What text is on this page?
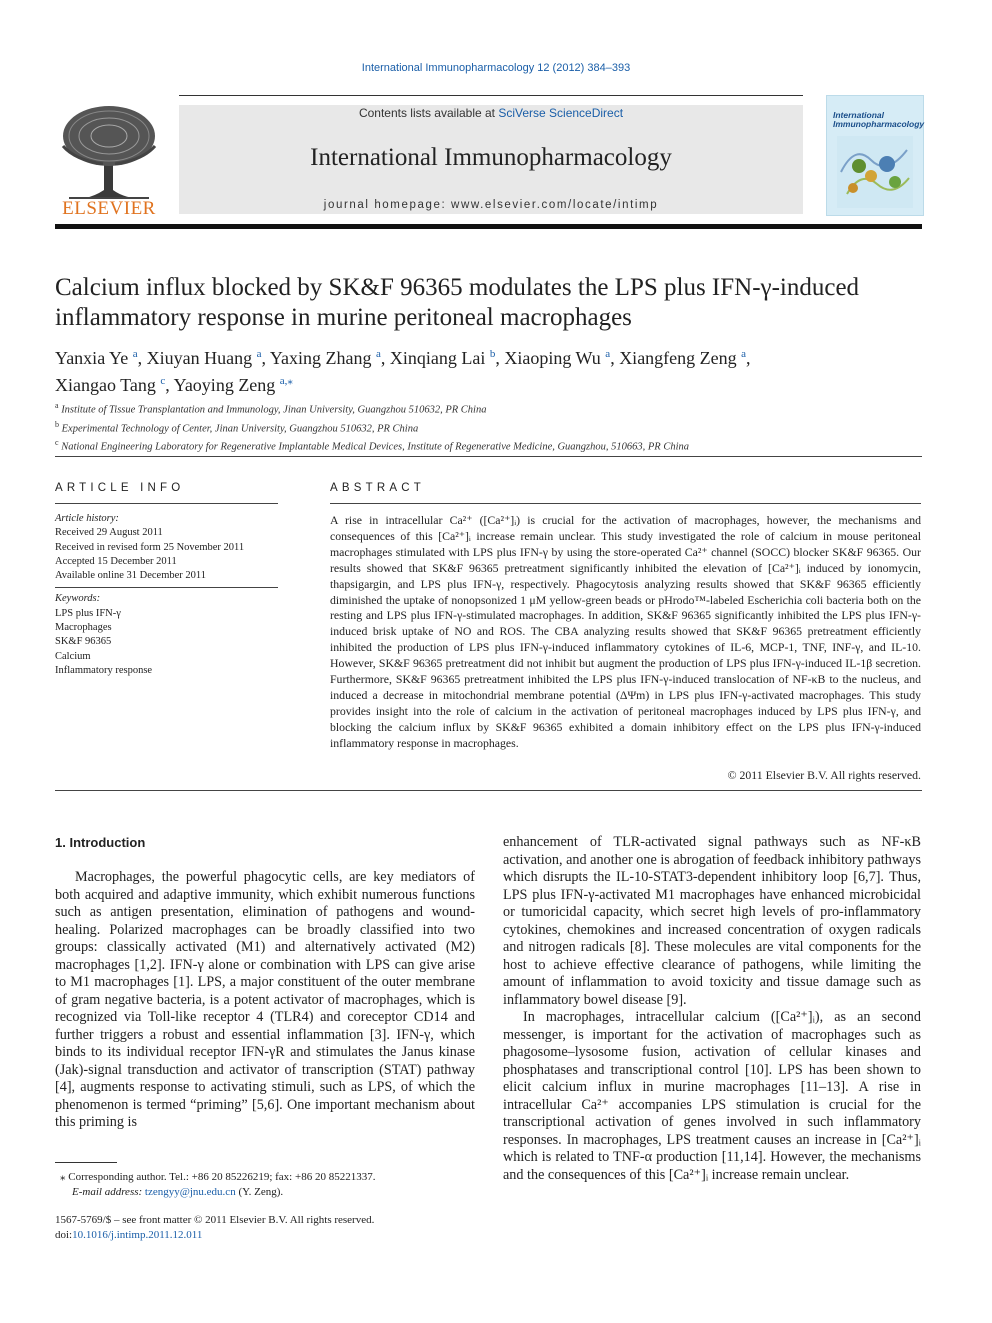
International Immunopharmacology 12 (2012) 384–393
ELSEVIER
Contents lists available at SciVerse ScienceDirect
International Immunopharmacology
journal homepage: www.elsevier.com/locate/intimp
International
Immunopharmacology
Calcium influx blocked by SK&F 96365 modulates the LPS plus IFN-γ-induced
inflammatory response in murine peritoneal macrophages
Yanxia Ye $^a$, Xiuyan Huang $^a$, Yaxing Zhang $^a$, Xinqiang Lai $^b$, Xiaoping Wu $^a$, Xiangfeng Zeng $^a$,
Xiangao Tang $^c$, Yaoying Zeng $^{a,⁎}$
$^a$ Institute of Tissue Transplantation and Immunology, Jinan University, Guangzhou 510632, PR China
$^b$ Experimental Technology of Center, Jinan University, Guangzhou 510632, PR China
$^c$ National Engineering Laboratory for Regenerative Implantable Medical Devices, Institute of Regenerative Medicine, Guangzhou, 510663, PR China
ARTICLE INFO	ABSTRACT
Article history:
Received 29 August 2011
Received in revised form 25 November 2011
Accepted 15 December 2011
Available online 31 December 2011
Keywords:
LPS plus IFN-γ
Macrophages
SK&F 96365
Calcium
Inflammatory response
A rise in intracellular Ca²⁺ ([Ca²⁺]ᵢ) is crucial for the activation of macrophages, however, the mechanisms and consequences of this [Ca²⁺]ᵢ increase remain unclear. This study investigated the role of calcium in mouse peritoneal macrophages stimulated with LPS plus IFN-γ by using the store-operated Ca²⁺ channel (SOCC) blocker SK&F 96365. Our results showed that SK&F 96365 pretreatment significantly inhibited the elevation of [Ca²⁺]ᵢ induced by ionomycin, thapsigargin, and LPS plus IFN-γ, respectively. Phagocytosis analyzing results showed that SK&F 96365 efficiently diminished the uptake of nonopsonized 1 μM yellow-green beads or pHrodo™-labeled Escherichia coli bacteria both on the resting and LPS plus IFN-γ-stimulated macrophages. In addition, SK&F 96365 significantly inhibited the LPS plus IFN-γ-induced brisk uptake of NO and ROS. The CBA analyzing results showed that SK&F 96365 pretreatment efficiently inhibited the production of LPS plus IFN-γ-induced inflammatory cytokines of IL-6, MCP-1, TNF, INF-γ, and IL-10. However, SK&F 96365 pretreatment did not inhibit but augment the production of LPS plus IFN-γ-induced IL-1β secretion. Furthermore, SK&F 96365 pretreatment inhibited the LPS plus IFN-γ-induced translocation of NF-κB to the nucleus, and induced a decrease in mitochondrial membrane potential (ΔΨm) in LPS plus IFN-γ-activated macrophages. This study provides insight into the role of calcium in the activation of peritoneal macrophages induced by LPS plus IFN-γ, and blocking the calcium influx by SK&F 96365 exhibited a domain inhibitory effect on the LPS plus IFN-γ-induced inflammatory response in macrophages.
© 2011 Elsevier B.V. All rights reserved.
1. Introduction

Macrophages, the powerful phagocytic cells, are key mediators of both acquired and adaptive immunity, which exhibit numerous functions such as antigen presentation, elimination of pathogens and wound-healing. Polarized macrophages can be broadly classified into two groups: classically activated (M1) and alternatively activated (M2) macrophages [1,2]. IFN-γ alone or combination with LPS can give arise to M1 macrophages [1]. LPS, a major constituent of the outer membrane of gram negative bacteria, is a potent activator of macrophages, which is recognized via Toll-like receptor 4 (TLR4) and coreceptor CD14 and further triggers a robust and essential inflammation [3]. IFN-γ, which binds to its individual receptor IFN-γR and stimulates the Janus kinase (Jak)-signal transduction and activator of transcription (STAT) pathway [4], augments response to activating stimuli, such as LPS, of which the phenomenon is termed “priming” [5,6]. One important mechanism about this priming is

enhancement of TLR-activated signal pathways such as NF-κB activation, and another one is abrogation of feedback inhibitory pathways which disrupts the IL-10-STAT3-dependent inhibitory loop [6,7]. Thus, LPS plus IFN-γ-activated M1 macrophages have enhanced microbicidal or tumoricidal capacity, which secret high levels of pro-inflammatory cytokines, chemokines and increased concentration of oxygen radicals and nitrogen radicals [8]. These molecules are vital components for the host to achieve effective clearance of pathogens, while limiting the amount of inflammation to avoid toxicity and tissue damage such as inflammatory bowel disease [9].

In macrophages, intracellular calcium ([Ca²⁺]ᵢ), as an second messenger, is important for the activation of macrophages such as phagosome–lysosome fusion, activation of cellular kinases and phosphatases and transcriptional control [10]. LPS has been shown to elicit calcium influx in murine macrophages [11–13]. A rise in intracellular Ca²⁺ accompanies LPS stimulation is crucial for the transcriptional activation of genes involved in such inflammatory responses. In macrophages, LPS treatment causes an increase in [Ca²⁺]ᵢ which is related to TNF-α production [11,14]. However, the mechanisms and the consequences of this [Ca²⁺]ᵢ increase remain unclear.

⁎ Corresponding author. Tel.: +86 20 85226219; fax: +86 20 85221337.
E-mail address: tzengyy@jnu.edu.cn (Y. Zeng).
1567-5769/$ – see front matter © 2011 Elsevier B.V. All rights reserved.
doi:10.1016/j.intimp.2011.12.011
